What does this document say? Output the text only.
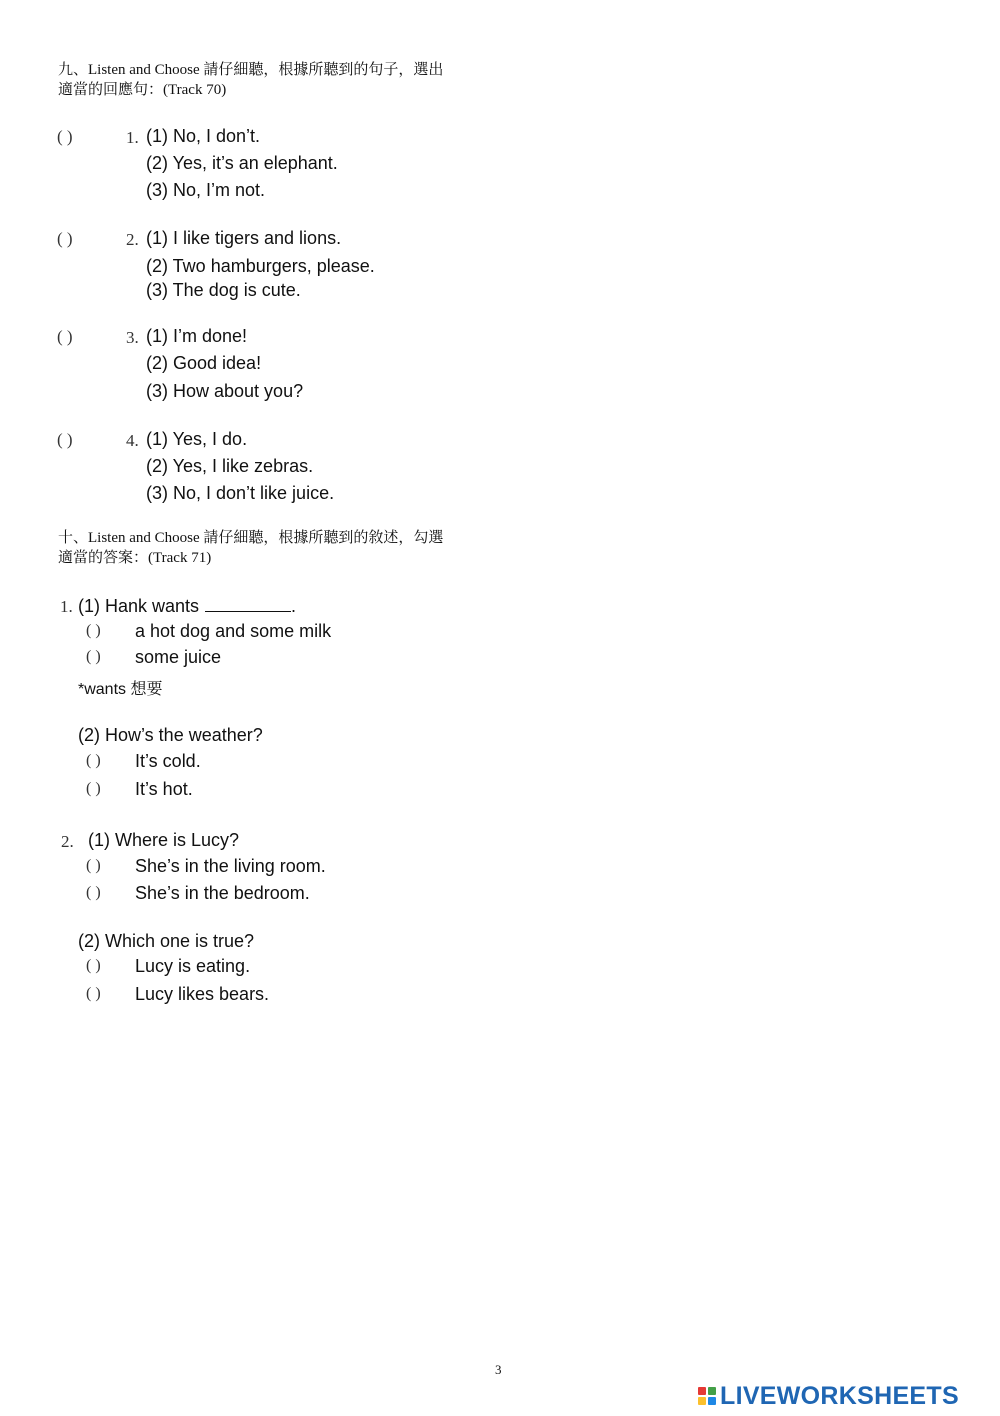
九、Listen and Choose 請仔細聽，根據所聽到的句子，選出
適當的回應句：(Track 70)
( )	1. (1) No, I don’t.
(2) Yes, it’s an elephant.
(3) No, I’m not.
( )	2. (1) I like tigers and lions.
(2) Two hamburgers, please.
(3) The dog is cute.
( )	3. (1) I’m done!
(2) Good idea!
(3) How about you?
( )	4. (1) Yes, I do.
(2) Yes, I like zebras.
(3) No, I don’t like juice.
十、Listen and Choose 請仔細聽，根據所聽到的敘述，勾選
適當的答案：(Track 71)
1. (1) Hank wants	.
( ) a hot dog and some milk
( ) some juice
*wants 想要
(2) How’s the weather?
( ) It’s cold.
( ) It’s hot.
2. (1) Where is Lucy?
( ) She’s in the living room.
( ) She’s in the bedroom.
(2) Which one is true?
( ) Lucy is eating.
( ) Lucy likes bears.
3
LIVEWORKSHEETS
